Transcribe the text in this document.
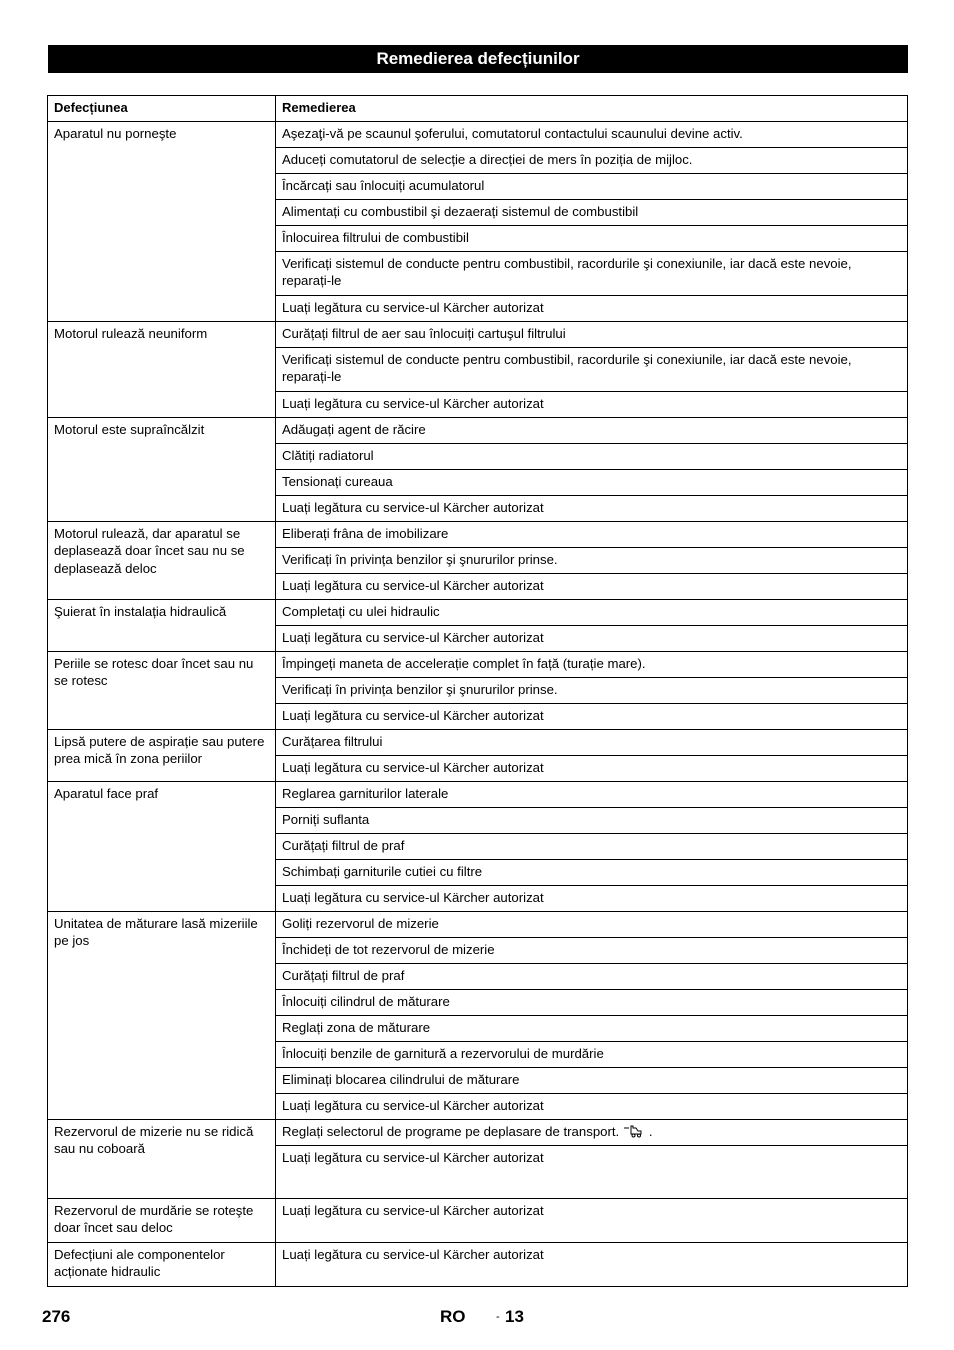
Remedierea defecțiunilor
Defecțiunea	Remedierea
Aparatul nu porneşte	Aşezaţi-vă pe scaunul şoferului, comutatorul contactului scaunului devine activ.
	Aduceți comutatorul de selecție a direcției de mers în poziția de mijloc.
	Încărcați sau înlocuiți acumulatorul
	Alimentați cu combustibil şi dezaerați sistemul de combustibil
	Înlocuirea filtrului de combustibil
	Verificați sistemul de conducte pentru combustibil, racordurile şi conexiunile, iar dacă este nevoie, reparați-le
	Luați legătura cu service-ul Kärcher autorizat
Motorul rulează neuniform	Curățați filtrul de aer sau înlocuiți cartuşul filtrului
	Verificați sistemul de conducte pentru combustibil, racordurile şi conexiunile, iar dacă este nevoie, reparați-le
	Luați legătura cu service-ul Kärcher autorizat
Motorul este supraîncălzit	Adăugați agent de răcire
	Clătiți radiatorul
	Tensionați cureaua
	Luați legătura cu service-ul Kärcher autorizat
Motorul rulează, dar aparatul se deplasează doar încet sau nu se deplasează deloc	Eliberați frâna de imobilizare
	Verificați în privința benzilor şi şnururilor prinse.
	Luați legătura cu service-ul Kärcher autorizat
Şuierat în instalația hidraulică	Completați cu ulei hidraulic
	Luați legătura cu service-ul Kärcher autorizat
Periile se rotesc doar încet sau nu se rotesc	Împingeți maneta de accelerație complet în față (turație mare).
	Verificați în privința benzilor şi şnururilor prinse.
	Luați legătura cu service-ul Kärcher autorizat
Lipsă putere de aspirație sau putere prea mică în zona periilor	Curățarea filtrului
	Luați legătura cu service-ul Kärcher autorizat
Aparatul face praf	Reglarea garniturilor laterale
	Porniți suflanta
	Curățați filtrul de praf
	Schimbați garniturile cutiei cu filtre
	Luați legătura cu service-ul Kärcher autorizat
Unitatea de măturare lasă mizeriile pe jos	Goliți rezervorul de mizerie
	Închideți de tot rezervorul de mizerie
	Curățați filtrul de praf
	Înlocuiți cilindrul de măturare
	Reglați zona de măturare
	Înlocuiți benzile de garnitură a rezervorului de murdărie
	Eliminați blocarea cilindrului de măturare
	Luați legătura cu service-ul Kärcher autorizat
Rezervorul de mizerie nu se ridică sau nu coboară	Reglați selectorul de programe pe deplasare de transport. .
	Luați legătura cu service-ul Kärcher autorizat
Rezervorul de murdărie se roteşte doar încet sau deloc	Luați legătura cu service-ul Kärcher autorizat
Defecțiuni ale componentelor acționate hidraulic	Luați legătura cu service-ul Kärcher autorizat
276	RO	- 13
